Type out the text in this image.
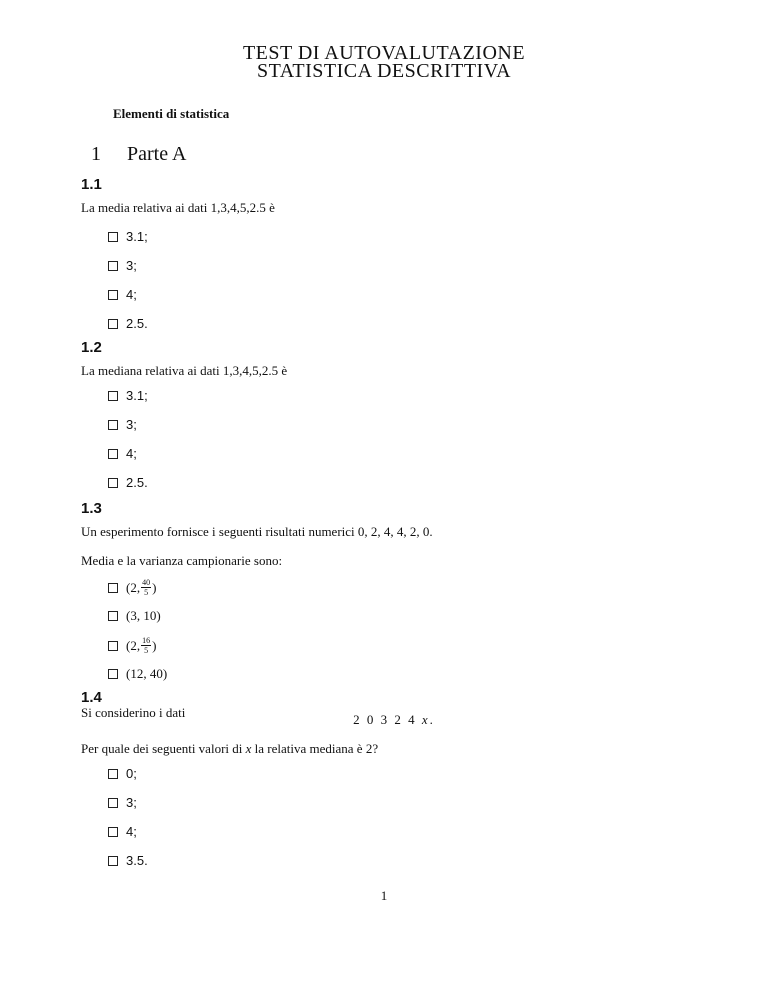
TEST DI AUTOVALUTAZIONE
STATISTICA DESCRITTIVA
Elementi di statistica
1 Parte A
1.1
La media relativa ai dati 1,3,4,5,2.5 è
3.1;
3;
4;
2.5.
1.2
La mediana relativa ai dati 1,3,4,5,2.5 è
3.1;
3;
4;
2.5.
1.3
Un esperimento fornisce i seguenti risultati numerici 0, 2, 4, 4, 2, 0.
Media e la varianza campionarie sono:
(2, $\frac{40}{5}$ )
(3, 10)
(2, $\frac{16}{5}$ )
(12, 40)
1.4
Si considerino i dati	2 0 3 2 4 x.
Per quale dei seguenti valori di x la relativa mediana è 2?
0;
3;
4;
3.5.
1
